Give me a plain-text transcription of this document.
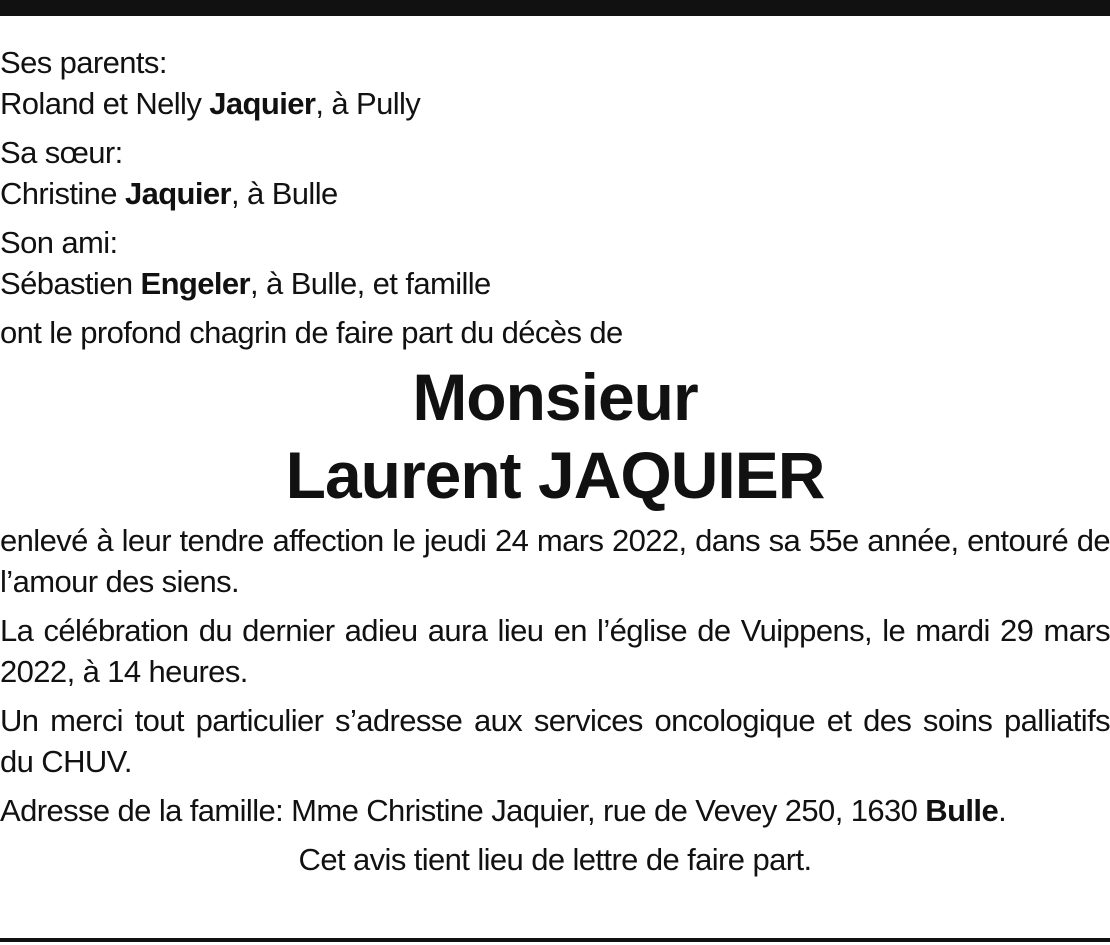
Ses parents:
Roland et Nelly Jaquier, à Pully

Sa sœur:
Christine Jaquier, à Bulle

Son ami:
Sébastien Engeler, à Bulle, et famille

ont le profond chagrin de faire part du décès de

Monsieur
Laurent JAQUIER

enlevé à leur tendre affection le jeudi 24 mars 2022, dans sa 55e année, entouré de l’amour des siens.

La célébration du dernier adieu aura lieu en l’église de Vuippens, le mardi 29 mars 2022, à 14 heures.

Un merci tout particulier s’adresse aux services oncologique et des soins palliatifs du CHUV.

Adresse de la famille: Mme Christine Jaquier, rue de Vevey 250, 1630 Bulle.

Cet avis tient lieu de lettre de faire part.
